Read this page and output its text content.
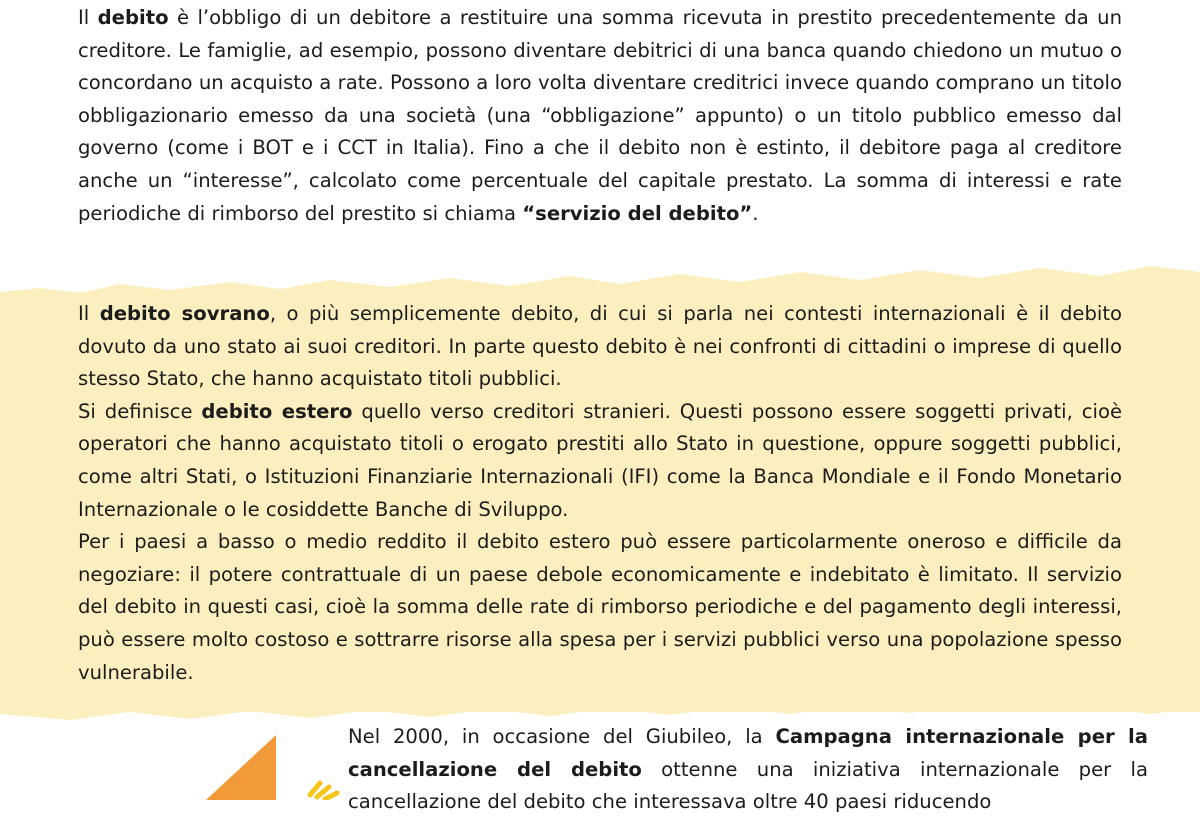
Il debito è l’obbligo di un debitore a restituire una somma ricevuta in prestito precedentemente da un creditore. Le famiglie, ad esempio, possono diventare debitrici di una banca quando chiedono un mutuo o concordano un acquisto a rate. Possono a loro volta diventare creditrici invece quando comprano un titolo obbligazionario emesso da una società (una “obbligazione” appunto) o un titolo pubblico emesso dal governo (come i BOT e i CCT in Italia). Fino a che il debito non è estinto, il debitore paga al creditore anche un “interesse”, calcolato come percentuale del capitale prestato. La somma di interessi e rate periodiche di rimborso del prestito si chiama “servizio del debito”.

Il debito sovrano, o più semplicemente debito, di cui si parla nei contesti internazionali è il debito dovuto da uno stato ai suoi creditori. In parte questo debito è nei confronti di cittadini o imprese di quello stesso Stato, che hanno acquistato titoli pubblici.
Si definisce debito estero quello verso creditori stranieri. Questi possono essere soggetti privati, cioè operatori che hanno acquistato titoli o erogato prestiti allo Stato in questione, oppure soggetti pubblici, come altri Stati, o Istituzioni Finanziarie Internazionali (IFI) come la Banca Mondiale e il Fondo Monetario Internazionale o le cosiddette Banche di Sviluppo.
Per i paesi a basso o medio reddito il debito estero può essere particolarmente oneroso e difficile da negoziare: il potere contrattuale di un paese debole economicamente e indebitato è limitato. Il servizio del debito in questi casi, cioè la somma delle rate di rimborso periodiche e del pagamento degli interessi, può essere molto costoso e sottrarre risorse alla spesa per i servizi pubblici verso una popolazione spesso vulnerabile.

Nel 2000, in occasione del Giubileo, la Campagna internazionale per la cancellazione del debito ottenne una iniziativa internazionale per la cancellazione del debito che interessava oltre 40 paesi riducendo
